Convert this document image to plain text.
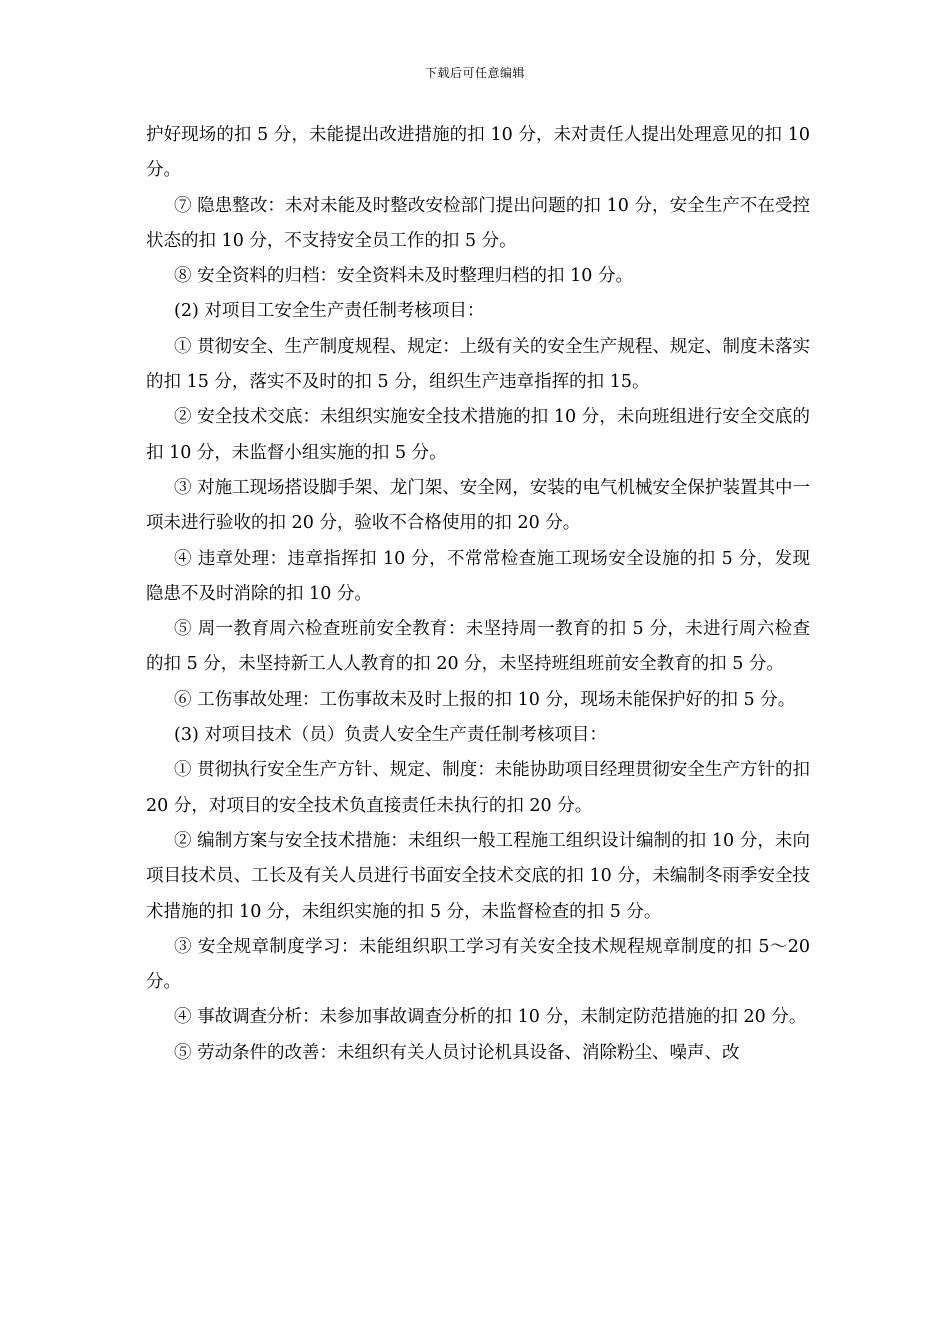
下载后可任意编辑

护好现场的扣 5 分，未能提出改进措施的扣 10 分，未对责任人提出处理意见的扣 10 分。

⑦ 隐患整改：未对未能及时整改安检部门提出问题的扣 10 分，安全生产不在受控状态的扣 10 分，不支持安全员工作的扣 5 分。

⑧ 安全资料的归档：安全资料未及时整理归档的扣 10 分。

(2) 对项目工安全生产责任制考核项目：

① 贯彻安全、生产制度规程、规定：上级有关的安全生产规程、规定、制度未落实的扣 15 分，落实不及时的扣 5 分，组织生产违章指挥的扣 15。

② 安全技术交底：未组织实施安全技术措施的扣 10 分，未向班组进行安全交底的扣 10 分，未监督小组实施的扣 5 分。

③ 对施工现场搭设脚手架、龙门架、安全网，安装的电气机械安全保护装置其中一项未进行验收的扣 20 分，验收不合格使用的扣 20 分。

④ 违章处理：违章指挥扣 10 分，不常常检查施工现场安全设施的扣 5 分，发现隐患不及时消除的扣 10 分。

⑤ 周一教育周六检查班前安全教育：未坚持周一教育的扣 5 分，未进行周六检查的扣 5 分，未坚持新工人人教育的扣 20 分，未坚持班组班前安全教育的扣 5 分。

⑥ 工伤事故处理：工伤事故未及时上报的扣 10 分，现场未能保护好的扣 5 分。

(3) 对项目技术（员）负责人安全生产责任制考核项目：

① 贯彻执行安全生产方针、规定、制度：未能协助项目经理贯彻安全生产方针的扣 20 分，对项目的安全技术负直接责任未执行的扣 20 分。

② 编制方案与安全技术措施：未组织一般工程施工组织设计编制的扣 10 分，未向项目技术员、工长及有关人员进行书面安全技术交底的扣 10 分，未编制冬雨季安全技术措施的扣 10 分，未组织实施的扣 5 分，未监督检查的扣 5 分。

③ 安全规章制度学习：未能组织职工学习有关安全技术规程规章制度的扣 5～20 分。

④ 事故调查分析：未参加事故调查分析的扣 10 分，未制定防范措施的扣 20 分。

⑤ 劳动条件的改善：未组织有关人员讨论机具设备、消除粉尘、噪声、改
